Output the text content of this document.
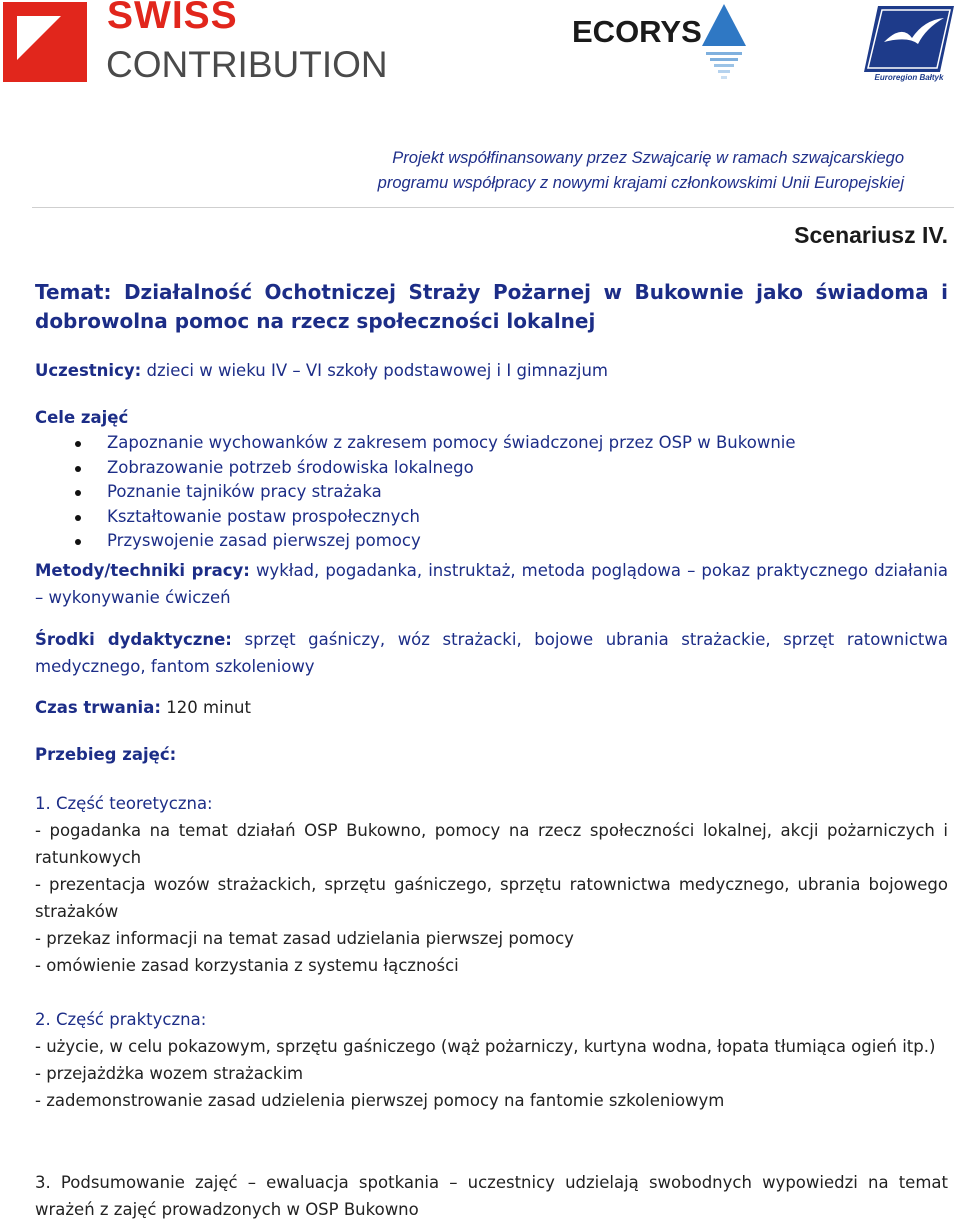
SWISS
CONTRIBUTION
ECORYS
Euroregion Bałtyk
Projekt współfinansowany przez Szwajcarię w ramach szwajcarskiego
programu współpracy z nowymi krajami członkowskimi Unii Europejskiej
Scenariusz IV.
Temat: Działalność Ochotniczej Straży Pożarnej w Bukownie jako świadoma i dobrowolna pomoc na rzecz społeczności lokalnej
Uczestnicy: dzieci w wieku IV – VI szkoły podstawowej i I gimnazjum
Cele zajęć
Zapoznanie wychowanków z zakresem pomocy świadczonej przez OSP w Bukownie
Zobrazowanie potrzeb środowiska lokalnego
Poznanie tajników pracy strażaka
Kształtowanie postaw prospołecznych
Przyswojenie zasad pierwszej pomocy
Metody/techniki pracy: wykład, pogadanka, instruktaż, metoda poglądowa – pokaz praktycznego działania – wykonywanie ćwiczeń
Środki dydaktyczne: sprzęt gaśniczy, wóz strażacki, bojowe ubrania strażackie, sprzęt ratownictwa medycznego, fantom szkoleniowy
Czas trwania: 120 minut
Przebieg zajęć:
1. Część teoretyczna:
- pogadanka na temat działań OSP Bukowno, pomocy na rzecz społeczności lokalnej, akcji pożarniczych i ratunkowych
- prezentacja wozów strażackich, sprzętu gaśniczego, sprzętu ratownictwa medycznego, ubrania bojowego strażaków
- przekaz informacji na temat zasad udzielania pierwszej pomocy
- omówienie zasad korzystania z systemu łączności
2. Część praktyczna:
- użycie, w celu pokazowym, sprzętu gaśniczego (wąż pożarniczy, kurtyna wodna, łopata tłumiąca ogień itp.)
- przejażdżka wozem strażackim
- zademonstrowanie zasad udzielenia pierwszej pomocy na fantomie szkoleniowym
3. Podsumowanie zajęć – ewaluacja spotkania – uczestnicy udzielają swobodnych wypowiedzi na temat wrażeń z zajęć prowadzonych w OSP Bukowno
